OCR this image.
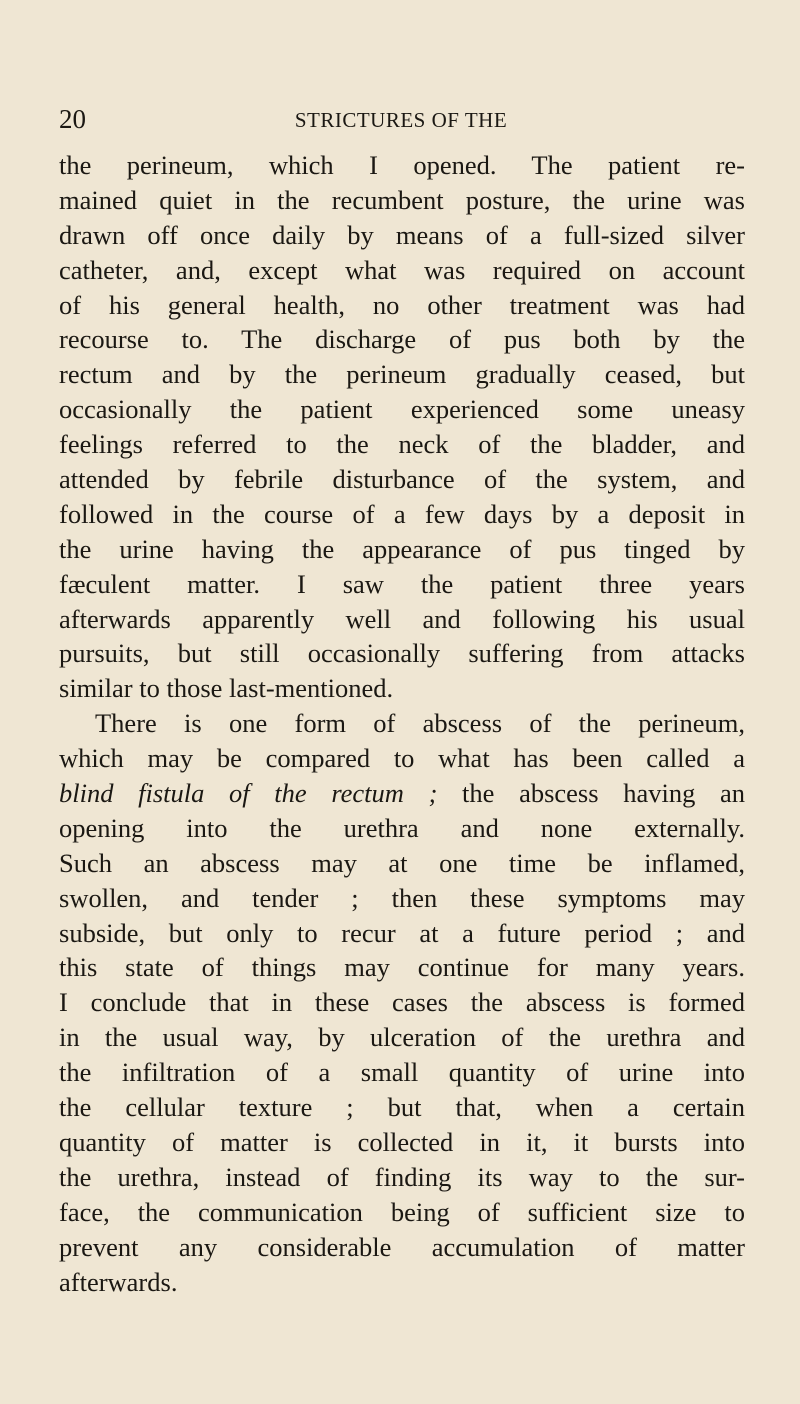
20	STRICTURES OF THE
the perineum, which I opened. The patient re-
mained quiet in the recumbent posture, the urine was
drawn off once daily by means of a full-sized silver
catheter, and, except what was required on account
of his general health, no other treatment was had
recourse to. The discharge of pus both by the
rectum and by the perineum gradually ceased, but
occasionally the patient experienced some uneasy
feelings referred to the neck of the bladder, and
attended by febrile disturbance of the system, and
followed in the course of a few days by a deposit in
the urine having the appearance of pus tinged by
fæculent matter. I saw the patient three years
afterwards apparently well and following his usual
pursuits, but still occasionally suffering from attacks
similar to those last-mentioned.
There is one form of abscess of the perineum,
which may be compared to what has been called a
blind fistula of the rectum ; the abscess having an
opening into the urethra and none externally.
Such an abscess may at one time be inflamed,
swollen, and tender ; then these symptoms may
subside, but only to recur at a future period ; and
this state of things may continue for many years.
I conclude that in these cases the abscess is formed
in the usual way, by ulceration of the urethra and
the infiltration of a small quantity of urine into
the cellular texture ; but that, when a certain
quantity of matter is collected in it, it bursts into
the urethra, instead of finding its way to the sur-
face, the communication being of sufficient size to
prevent any considerable accumulation of matter
afterwards.
